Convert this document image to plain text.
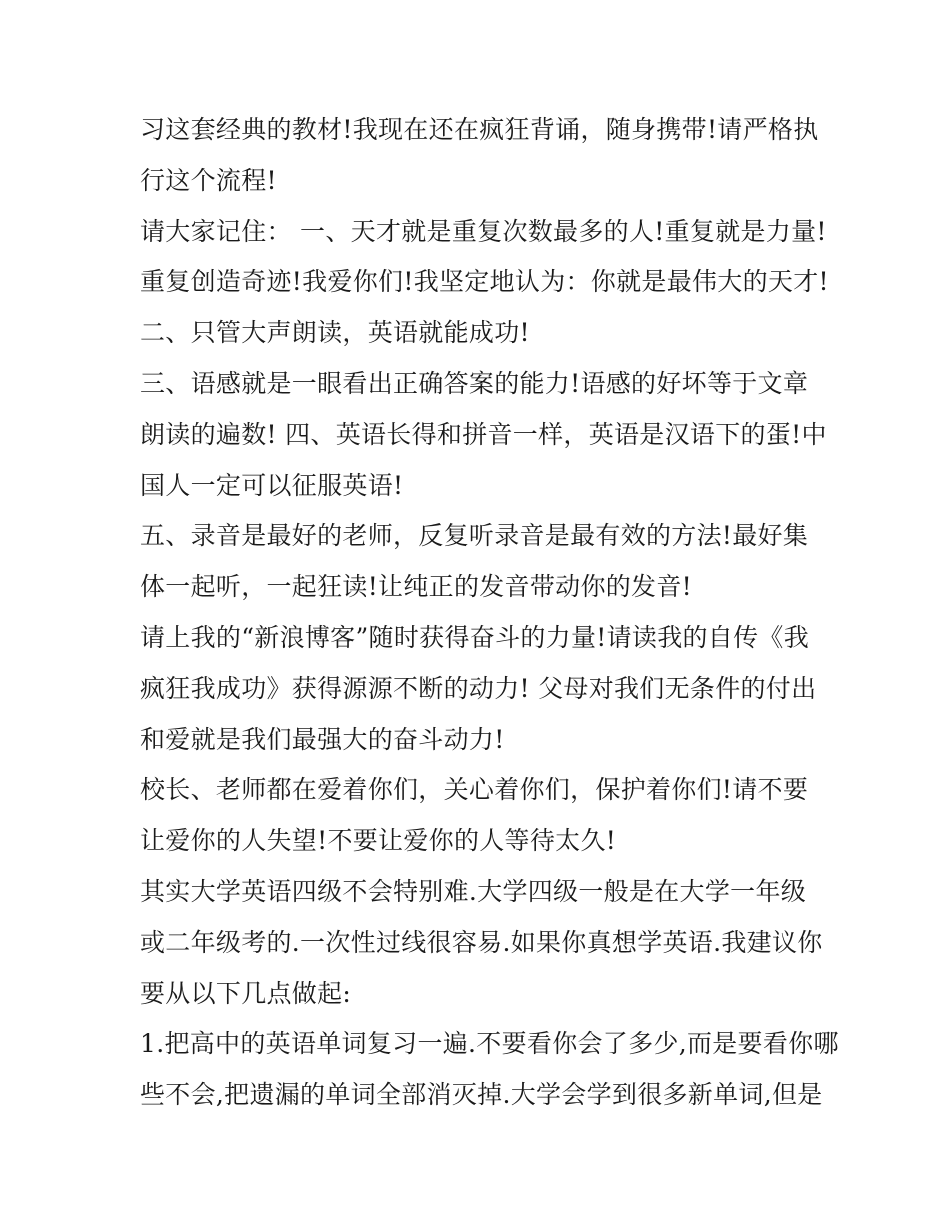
习这套经典的教材!我现在还在疯狂背诵，随身携带!请严格执
行这个流程!
请大家记住： 一、天才就是重复次数最多的人!重复就是力量!
重复创造奇迹!我爱你们!我坚定地认为：你就是最伟大的天才!
二、只管大声朗读，英语就能成功!
三、语感就是一眼看出正确答案的能力!语感的好坏等于文章
朗读的遍数! 四、英语长得和拼音一样，英语是汉语下的蛋!中
国人一定可以征服英语!
五、录音是最好的老师，反复听录音是最有效的方法!最好集
体一起听，一起狂读!让纯正的发音带动你的发音!
请上我的“新浪博客”随时获得奋斗的力量!请读我的自传《我
疯狂我成功》获得源源不断的动力! 父母对我们无条件的付出
和爱就是我们最强大的奋斗动力!
校长、老师都在爱着你们，关心着你们，保护着你们!请不要
让爱你的人失望!不要让爱你的人等待太久!
其实大学英语四级不会特别难.大学四级一般是在大学一年级
或二年级考的.一次性过线很容易.如果你真想学英语.我建议你
要从以下几点做起:
1.把高中的英语单词复习一遍.不要看你会了多少,而是要看你哪
些不会,把遗漏的单词全部消灭掉.大学会学到很多新单词,但是
